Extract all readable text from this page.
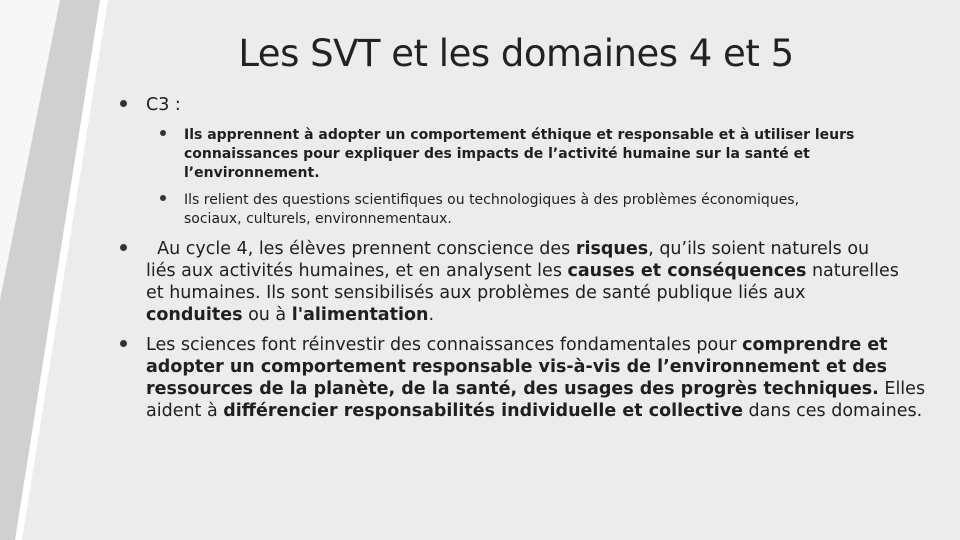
Les SVT et les domaines 4 et 5
C3 :
Ils apprennent à adopter un comportement éthique et responsable et à utiliser leurs
connaissances pour expliquer des impacts de l’activité humaine sur la santé et
l’environnement.
Ils relient des questions scientifiques ou technologiques à des problèmes économiques,
sociaux, culturels, environnementaux.
Au cycle 4, les élèves prennent conscience des risques, qu’ils soient naturels ou
liés aux activités humaines, et en analysent les causes et conséquences naturelles
et humaines. Ils sont sensibilisés aux problèmes de santé publique liés aux
conduites ou à l'alimentation.
Les sciences font réinvestir des connaissances fondamentales pour comprendre et
adopter un comportement responsable vis-à-vis de l’environnement et des
ressources de la planète, de la santé, des usages des progrès techniques. Elles
aident à différencier responsabilités individuelle et collective dans ces domaines.
